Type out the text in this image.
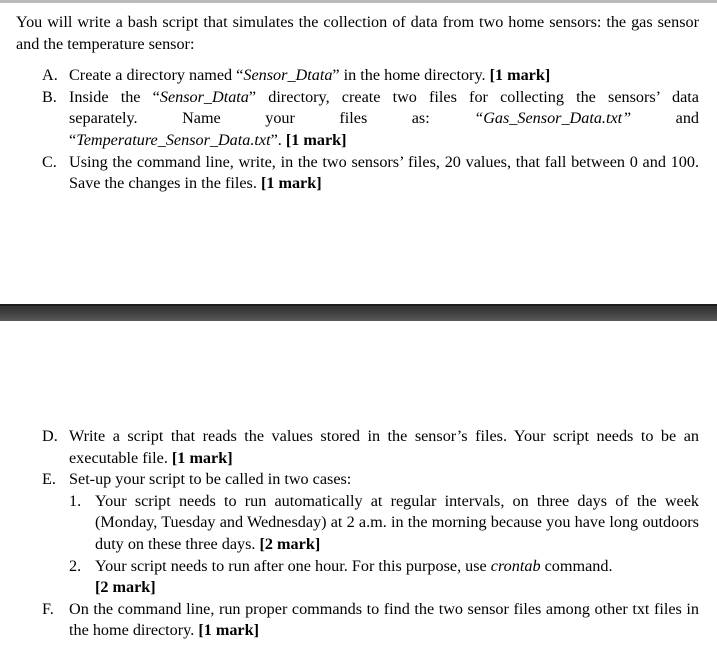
You will write a bash script that simulates the collection of data from two home sensors: the gas sensor and the temperature sensor:
A. Create a directory named “Sensor_Dtata” in the home directory. [1 mark]
B. Inside the “Sensor_Dtata” directory, create two files for collecting the sensors’ data
separately.	Name	your	files	as:	“Gas_Sensor_Data.txt”	and
“Temperature_Sensor_Data.txt”. [1 mark]
C. Using the command line, write, in the two sensors’ files, 20 values, that fall between 0 and 100. Save the changes in the files. [1 mark]
D. Write a script that reads the values stored in the sensor’s files. Your script needs to be an executable file. [1 mark]
E. Set-up your script to be called in two cases:
1. Your script needs to run automatically at regular intervals, on three days of the week (Monday, Tuesday and Wednesday) at 2 a.m. in the morning because you have long outdoors duty on these three days. [2 mark]
2. Your script needs to run after one hour. For this purpose, use crontab command.
[2 mark]
F. On the command line, run proper commands to find the two sensor files among other txt files in the home directory. [1 mark]
